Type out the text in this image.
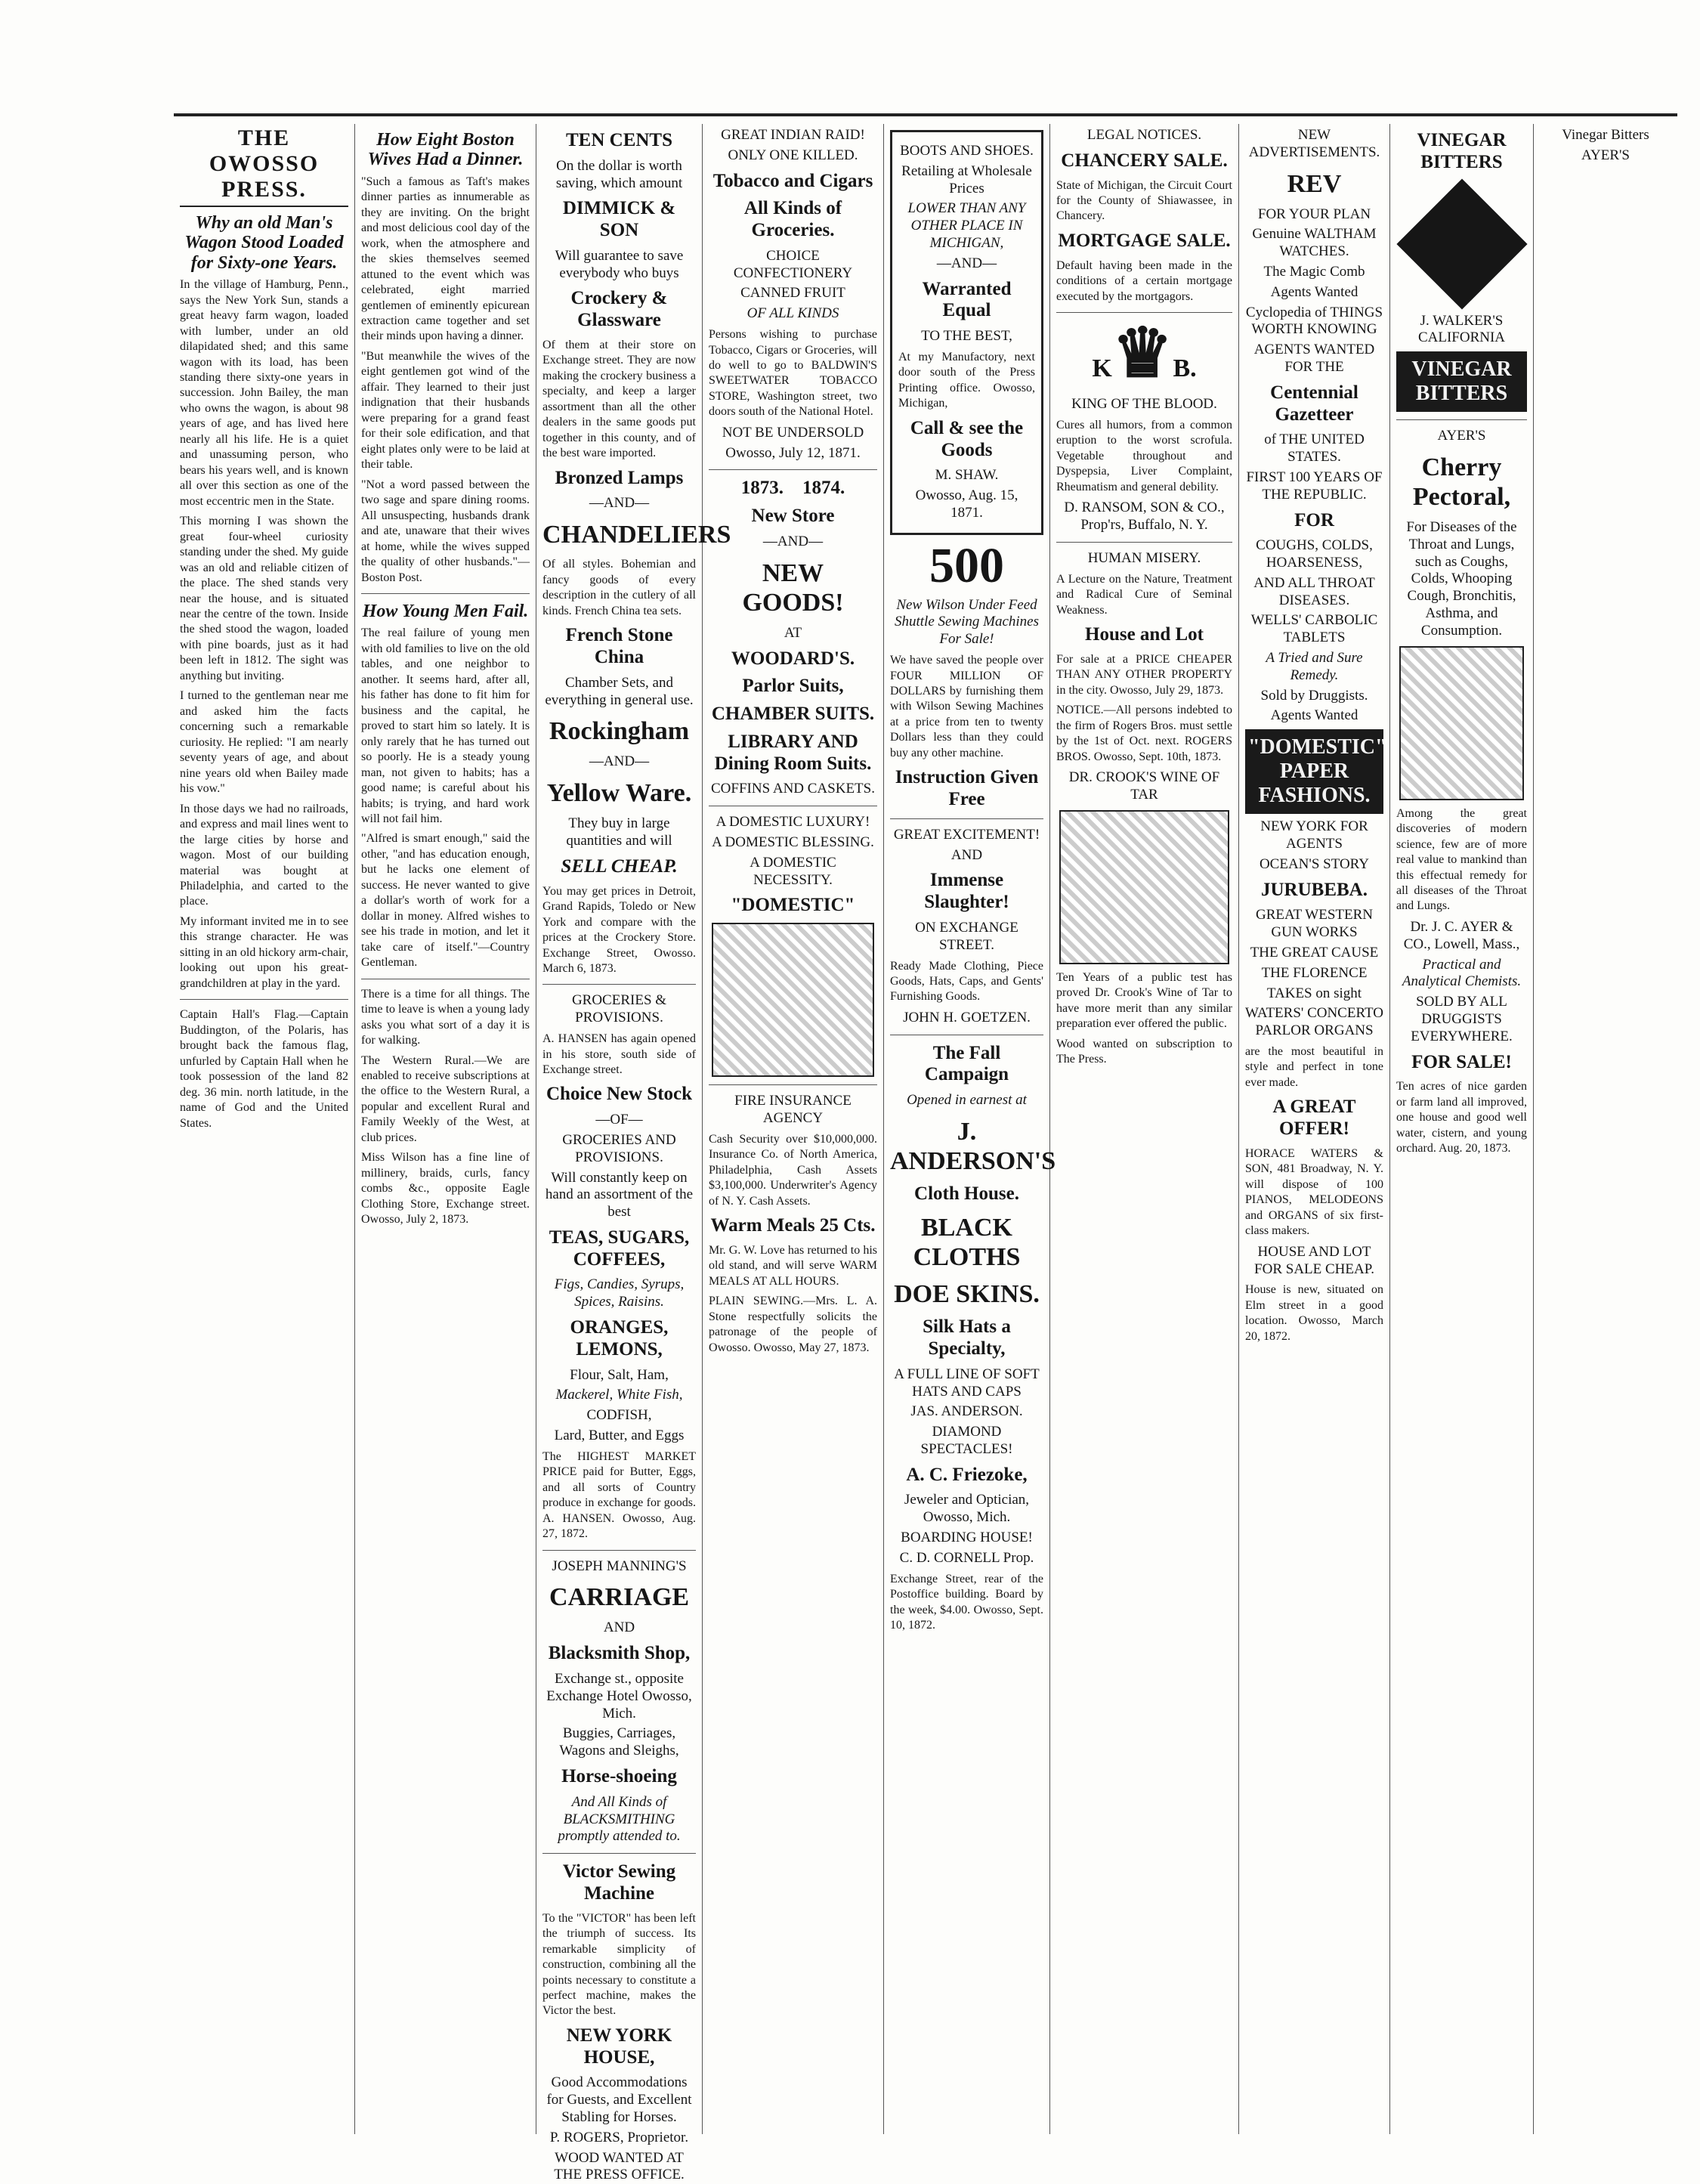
THE OWOSSO PRESS.
Why an old Man's Wagon Stood Loaded for Sixty-one Years.

In the village of Hamburg, Penn., says the New York Sun, stands a great heavy farm wagon, loaded with lumber, under an old dilapidated shed; and this same wagon with its load, has been standing there sixty-one years in succession. John Bailey, the man who owns the wagon, is about 98 years of age, and has lived here nearly all his life. He is a quiet and unassuming person, who bears his years well, and is known all over this section as one of the most eccentric men in the State.

This morning I was shown the great four-wheel curiosity standing under the shed. My guide was an old and reliable citizen of the place. The shed stands very near the house, and is situated near the centre of the town. Inside the shed stood the wagon, loaded with pine boards, just as it had been left in 1812. The sight was anything but inviting.

I turned to the gentleman near me and asked him the facts concerning such a remarkable curiosity. He replied: "I am nearly seventy years of age, and about nine years old when Bailey made his vow."

In those days we had no railroads, and express and mail lines went to the large cities by horse and wagon. Most of our building material was bought at Philadelphia, and carted to the place.

My informant invited me in to see this strange character. He was sitting in an old hickory arm-chair, looking out upon his great-grandchildren at play in the yard.

Captain Hall's Flag.—Captain Buddington, of the Polaris, has brought back the famous flag, unfurled by Captain Hall when he took possession of the land 82 deg. 36 min. north latitude, in the name of God and the United States.

How Eight Boston Wives Had a Dinner.

"Such a famous as Taft's makes dinner parties as innumerable as they are inviting. On the bright and most delicious cool day of the work, when the atmosphere and the skies themselves seemed attuned to the event which was celebrated, eight married gentlemen of eminently epicurean extraction came together and set their minds upon having a dinner.

"But meanwhile the wives of the eight gentlemen got wind of the affair. They learned to their just indignation that their husbands were preparing for a grand feast for their sole edification, and that eight plates only were to be laid at their table.

"Not a word passed between the two sage and spare dining rooms. All unsuspecting, husbands drank and ate, unaware that their wives at home, while the wives supped the quality of other husbands."—Boston Post.

How Young Men Fail.

The real failure of young men with old families to live on the old tables, and one neighbor to another. It seems hard, after all, his father has done to fit him for business and the capital, he proved to start him so lately. It is only rarely that he has turned out so poorly. He is a steady young man, not given to habits; has a good name; is careful about his habits; is trying, and hard work will not fail him.

"Alfred is smart enough," said the other, "and has education enough, but he lacks one element of success. He never wanted to give a dollar's worth of work for a dollar in money. Alfred wishes to see his trade in motion, and let it take care of itself."—Country Gentleman.

There is a time for all things. The time to leave is when a young lady asks you what sort of a day it is for walking.

The Western Rural.—We are enabled to receive subscriptions at the office to the Western Rural, a popular and excellent Rural and Family Weekly of the West, at club prices.

Miss Wilson has a fine line of millinery, braids, curls, fancy combs &c., opposite Eagle Clothing Store, Exchange street. Owosso, July 2, 1873.

TEN CENTS
On the dollar is worth saving, which amount
DIMMICK & SON
Will guarantee to save everybody who buys
Crockery & Glassware

Of them at their store on Exchange street. They are now making the crockery business a specialty, and keep a larger assortment than all the other dealers in the same goods put together in this county, and of the best ware imported.

Bronzed Lamps
—AND—
CHANDELIERS

Of all styles. Bohemian and fancy goods of every description in the cutlery of all kinds. French China tea sets.

French Stone China
Chamber Sets, and everything in general use.
Rockingham
—AND—
Yellow Ware.
They buy in large quantities and will
SELL CHEAP.

You may get prices in Detroit, Grand Rapids, Toledo or New York and compare with the prices at the Crockery Store. Exchange Street, Owosso. March 6, 1873.

GROCERIES & PROVISIONS.

A. HANSEN has again opened in his store, south side of Exchange street.

Choice New Stock
—OF—
GROCERIES AND PROVISIONS.
Will constantly keep on hand an assortment of the best
TEAS, SUGARS, COFFEES,
Figs, Candies, Syrups, Spices, Raisins.
ORANGES, LEMONS,
Flour, Salt, Ham,
Mackerel, White Fish,
CODFISH,
Lard, Butter, and Eggs

The HIGHEST MARKET PRICE paid for Butter, Eggs, and all sorts of Country produce in exchange for goods. A. HANSEN. Owosso, Aug. 27, 1872.

JOSEPH MANNING'S
CARRIAGE
AND
Blacksmith Shop,
Exchange st., opposite Exchange Hotel Owosso, Mich.
Buggies, Carriages, Wagons and Sleighs,
Horse-shoeing
And All Kinds of BLACKSMITHING promptly attended to.
Victor Sewing Machine

To the "VICTOR" has been left the triumph of success. Its remarkable simplicity of construction, combining all the points necessary to constitute a perfect machine, makes the Victor the best.

NEW YORK HOUSE,
Good Accommodations for Guests, and Excellent Stabling for Horses.
P. ROGERS, Proprietor.
WOOD WANTED AT THE PRESS OFFICE.
GREAT INDIAN RAID!
ONLY ONE KILLED.
Tobacco and Cigars
All Kinds of Groceries.
CHOICE CONFECTIONERY
CANNED FRUIT
OF ALL KINDS

Persons wishing to purchase Tobacco, Cigars or Groceries, will do well to go to BALDWIN'S SWEETWATER TOBACCO STORE, Washington street, two doors south of the National Hotel.

NOT BE UNDERSOLD
Owosso, July 12, 1871.
1873. 1874.
New Store
—AND—
NEW GOODS!
AT
WOODARD'S.
Parlor Suits,
CHAMBER SUITS.
LIBRARY AND Dining Room Suits.
COFFINS AND CASKETS.
A DOMESTIC LUXURY!
A DOMESTIC BLESSING.
A DOMESTIC NECESSITY.
"DOMESTIC"
FIRE INSURANCE AGENCY

Cash Security over $10,000,000. Insurance Co. of North America, Philadelphia, Cash Assets $3,100,000. Underwriter's Agency of N. Y. Cash Assets.

Warm Meals 25 Cts.

Mr. G. W. Love has returned to his old stand, and will serve WARM MEALS AT ALL HOURS.

PLAIN SEWING.—Mrs. L. A. Stone respectfully solicits the patronage of the people of Owosso. Owosso, May 27, 1873.

BOOTS AND SHOES.
Retailing at Wholesale Prices
LOWER THAN ANY OTHER PLACE IN MICHIGAN,
—AND—
Warranted Equal
TO THE BEST,

At my Manufactory, next door south of the Press Printing office. Owosso, Michigan,

Call & see the Goods
M. SHAW.
Owosso, Aug. 15, 1871.
500
New Wilson Under Feed Shuttle Sewing Machines For Sale!

We have saved the people over FOUR MILLION OF DOLLARS by furnishing them with Wilson Sewing Machines at a price from ten to twenty Dollars less than they could buy any other machine.

Instruction Given Free
GREAT EXCITEMENT!
AND
Immense Slaughter!
ON EXCHANGE STREET.

Ready Made Clothing, Piece Goods, Hats, Caps, and Gents' Furnishing Goods.

JOHN H. GOETZEN.
The Fall Campaign
Opened in earnest at
J. ANDERSON'S
Cloth House.
BLACK CLOTHS
DOE SKINS.
Silk Hats a Specialty,
A FULL LINE OF SOFT HATS AND CAPS
JAS. ANDERSON.
DIAMOND SPECTACLES!
A. C. Friezoke,
Jeweler and Optician, Owosso, Mich.
BOARDING HOUSE!
C. D. CORNELL Prop.

Exchange Street, rear of the Postoffice building. Board by the week, $4.00. Owosso, Sept. 10, 1872.

LEGAL NOTICES.
CHANCERY SALE.

State of Michigan, the Circuit Court for the County of Shiawassee, in Chancery.

MORTGAGE SALE.

Default having been made in the conditions of a certain mortgage executed by the mortgagors.

K♛B.
KING OF THE BLOOD.

Cures all humors, from a common eruption to the worst scrofula. Vegetable throughout and Dyspepsia, Liver Complaint, Rheumatism and general debility.

D. RANSOM, SON & CO., Prop'rs, Buffalo, N. Y.
HUMAN MISERY.

A Lecture on the Nature, Treatment and Radical Cure of Seminal Weakness.

House and Lot

For sale at a PRICE CHEAPER THAN ANY OTHER PROPERTY in the city. Owosso, July 29, 1873.

NOTICE.—All persons indebted to the firm of Rogers Bros. must settle by the 1st of Oct. next. ROGERS BROS. Owosso, Sept. 10th, 1873.

DR. CROOK'S WINE OF TAR

Ten Years of a public test has proved Dr. Crook's Wine of Tar to have more merit than any similar preparation ever offered the public.

Wood wanted on subscription to The Press.

NEW ADVERTISEMENTS.
REV
FOR YOUR PLAN
Genuine WALTHAM WATCHES.
The Magic Comb
Agents Wanted
Cyclopedia of THINGS WORTH KNOWING
AGENTS WANTED FOR THE
Centennial Gazetteer
of THE UNITED STATES.
FIRST 100 YEARS OF THE REPUBLIC.
FOR
COUGHS, COLDS, HOARSENESS,
AND ALL THROAT DISEASES.
WELLS' CARBOLIC TABLETS
A Tried and Sure Remedy.
Sold by Druggists.
Agents Wanted
"DOMESTIC"
PAPER
FASHIONS.
NEW YORK FOR AGENTS
OCEAN'S STORY
JURUBEBA.
GREAT WESTERN GUN WORKS
THE GREAT CAUSE
THE FLORENCE
TAKES on sight
WATERS' CONCERTO PARLOR ORGANS

are the most beautiful in style and perfect in tone ever made.

A GREAT OFFER!

HORACE WATERS & SON, 481 Broadway, N. Y. will dispose of 100 PIANOS, MELODEONS and ORGANS of six first-class makers.

HOUSE AND LOT FOR SALE CHEAP.

House is new, situated on Elm street in a good location. Owosso, March 20, 1872.

VINEGAR BITTERS
J. WALKER'S CALIFORNIA
VINEGAR BITTERS
AYER'S
Cherry Pectoral,
For Diseases of the Throat and Lungs, such as Coughs, Colds, Whooping Cough, Bronchitis, Asthma, and Consumption.

Among the great discoveries of modern science, few are of more real value to mankind than this effectual remedy for all diseases of the Throat and Lungs.

Dr. J. C. AYER & CO., Lowell, Mass.,
Practical and Analytical Chemists.
SOLD BY ALL DRUGGISTS EVERYWHERE.
FOR SALE!

Ten acres of nice garden or farm land all improved, one house and good well water, cistern, and young orchard. Aug. 20, 1873.

Vinegar Bitters
AYER'S
